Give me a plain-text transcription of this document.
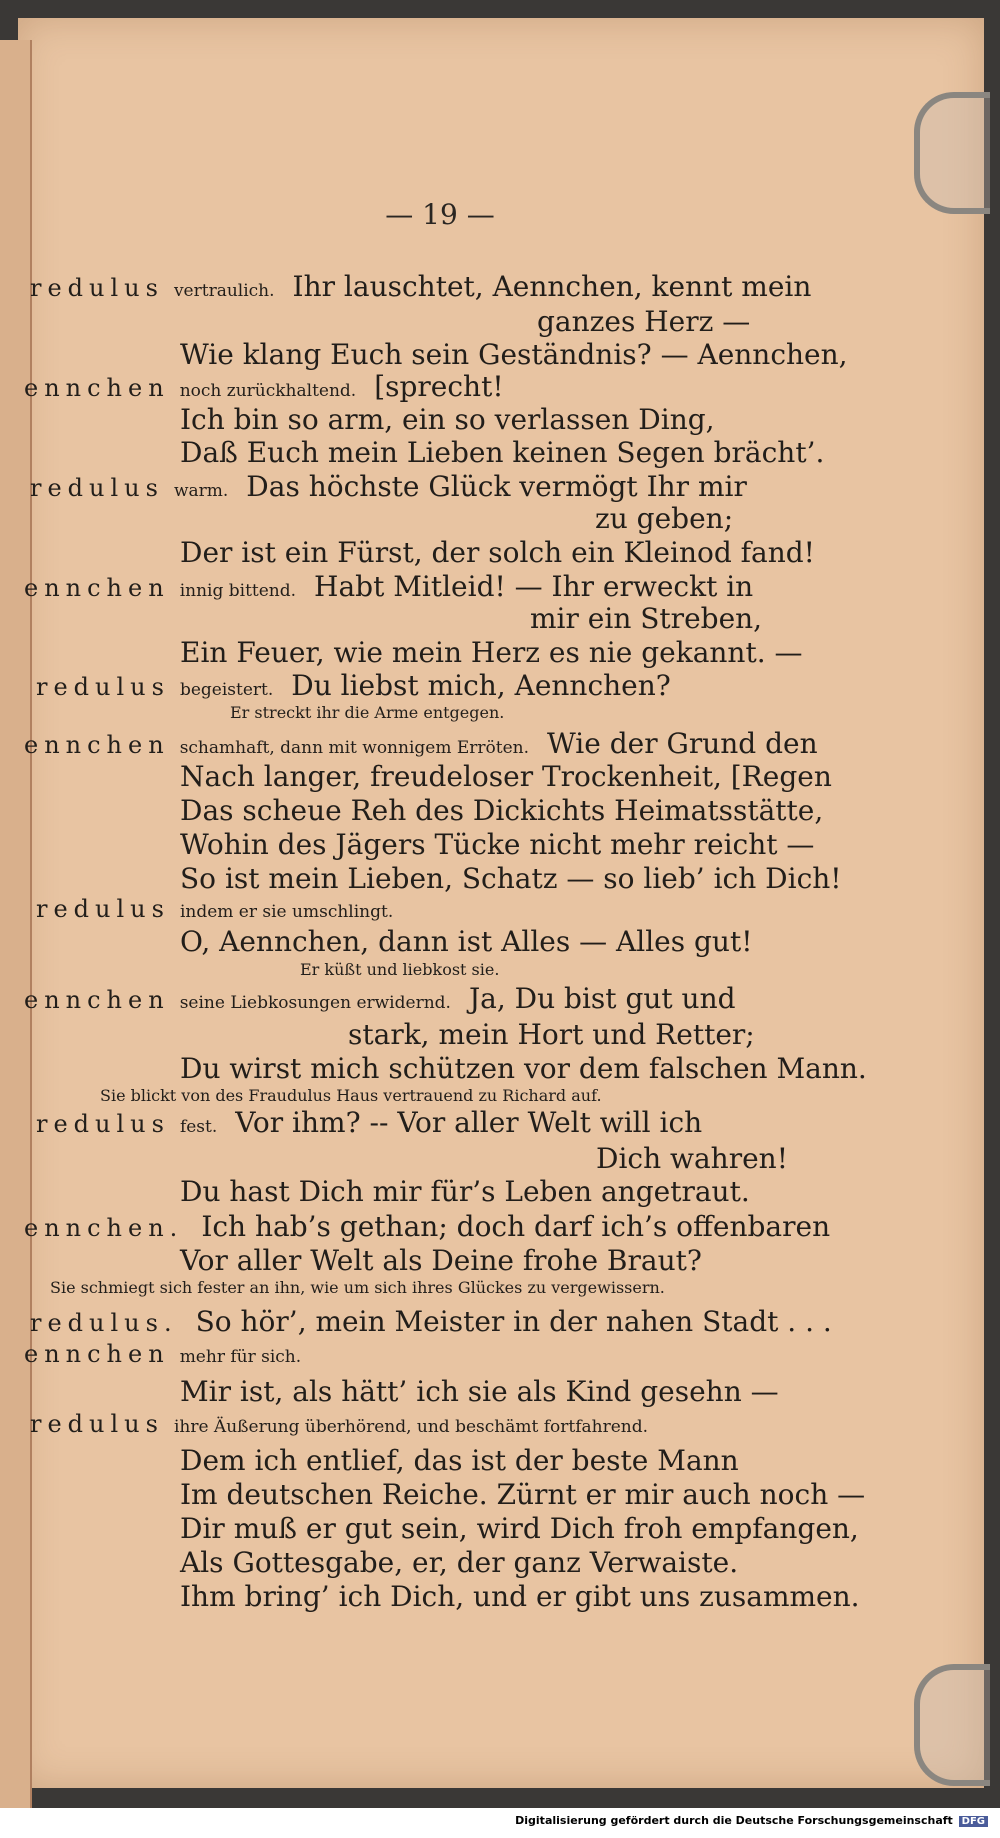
— 19 —
redulus vertraulich. Ihr lauschtet, Aennchen, kennt mein
ganzes Herz —
Wie klang Euch sein Geständnis? — Aennchen,
ennchen noch zurückhaltend. [sprecht!
Ich bin so arm, ein so verlassen Ding,
Daß Euch mein Lieben keinen Segen brächt’.
redulus warm. Das höchste Glück vermögt Ihr mir
zu geben;
Der ist ein Fürst, der solch ein Kleinod fand!
ennchen innig bittend. Habt Mitleid! — Ihr erweckt in
mir ein Streben,
Ein Feuer, wie mein Herz es nie gekannt. —
redulus begeistert. Du liebst mich, Aennchen?
Er streckt ihr die Arme entgegen.
ennchen schamhaft, dann mit wonnigem Erröten. Wie der Grund den
Nach langer, freudeloser Trockenheit, [Regen
Das scheue Reh des Dickichts Heimatsstätte,
Wohin des Jägers Tücke nicht mehr reicht —
So ist mein Lieben, Schatz — so lieb’ ich Dich!
redulus indem er sie umschlingt.
O, Aennchen, dann ist Alles — Alles gut!
Er küßt und liebkost sie.
ennchen seine Liebkosungen erwidernd. Ja, Du bist gut und
stark, mein Hort und Retter;
Du wirst mich schützen vor dem falschen Mann.
Sie blickt von des Fraudulus Haus vertrauend zu Richard auf.
redulus fest. Vor ihm? -- Vor aller Welt will ich
Dich wahren!
Du hast Dich mir für’s Leben angetraut.
ennchen. Ich hab’s gethan; doch darf ich’s offenbaren
Vor aller Welt als Deine frohe Braut?
Sie schmiegt sich fester an ihn, wie um sich ihres Glückes zu vergewissern.
redulus. So hör’, mein Meister in der nahen Stadt . . .
ennchen mehr für sich.
Mir ist, als hätt’ ich sie als Kind gesehn —
redulus ihre Äußerung überhörend, und beschämt fortfahrend.
Dem ich entlief, das ist der beste Mann
Im deutschen Reiche. Zürnt er mir auch noch —
Dir muß er gut sein, wird Dich froh empfangen,
Als Gottesgabe, er, der ganz Verwaiste.
Ihm bring’ ich Dich, und er gibt uns zusammen.
Digitalisierung gefördert durch die Deutsche Forschungsgemeinschaft DFG
